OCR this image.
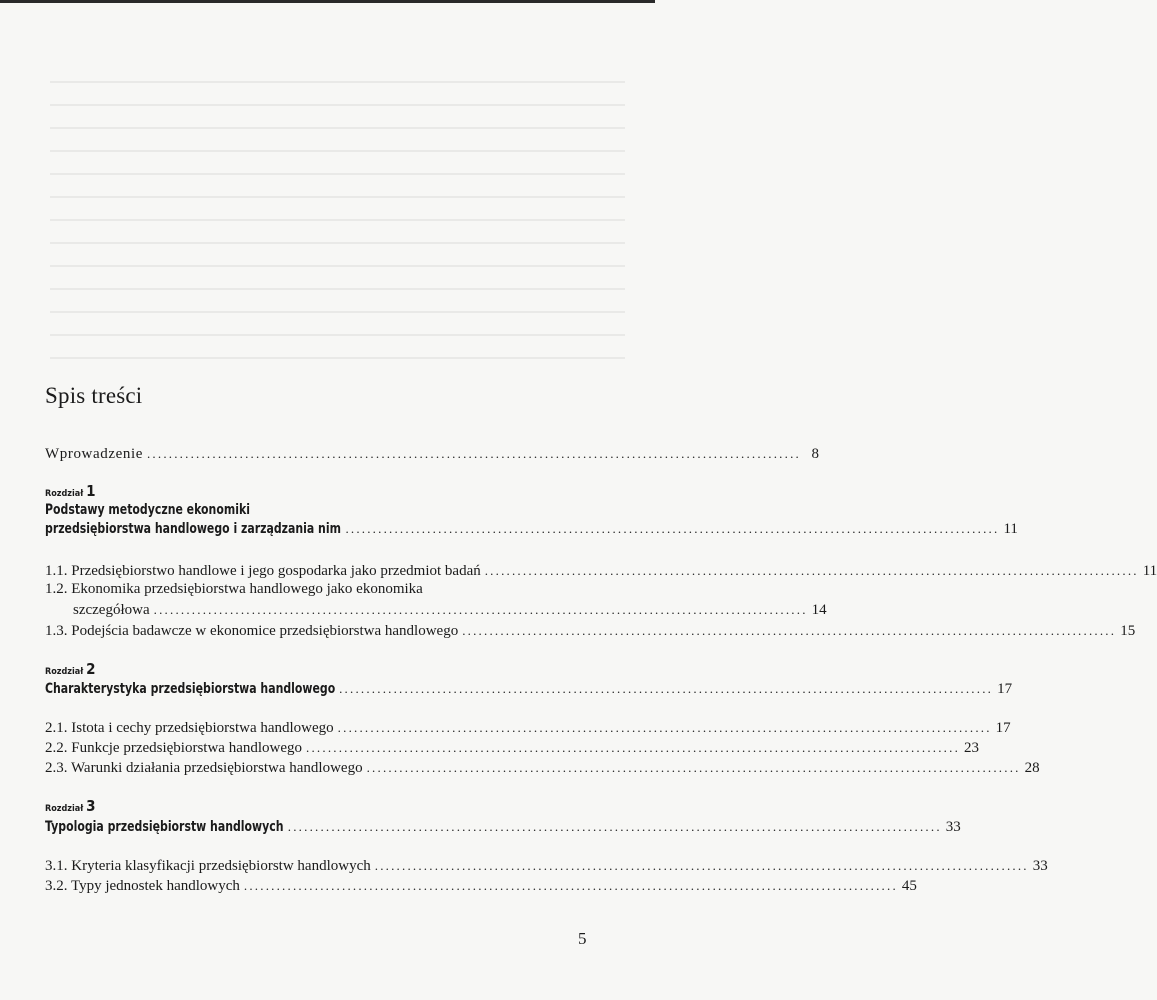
Spis treści
Wprowadzenie ........................................................................................................................ 8
Rozdział 1
Podstawy metodyczne ekonomiki
przedsiębiorstwa handlowego i zarządzania nim ........................................................................................................................ 11
1.1. Przedsiębiorstwo handlowe i jego gospodarka jako przedmiot badań ........................................................................................................................ 11
1.2. Ekonomika przedsiębiorstwa handlowego jako ekonomika
szczegółowa ........................................................................................................................ 14
1.3. Podejścia badawcze w ekonomice przedsiębiorstwa handlowego ........................................................................................................................ 15
Rozdział 2
Charakterystyka przedsiębiorstwa handlowego ........................................................................................................................ 17
2.1. Istota i cechy przedsiębiorstwa handlowego ........................................................................................................................ 17
2.2. Funkcje przedsiębiorstwa handlowego ........................................................................................................................ 23
2.3. Warunki działania przedsiębiorstwa handlowego ........................................................................................................................ 28
Rozdział 3
Typologia przedsiębiorstw handlowych ........................................................................................................................ 33
3.1. Kryteria klasyfikacji przedsiębiorstw handlowych ........................................................................................................................ 33
3.2. Typy jednostek handlowych ........................................................................................................................ 45
5
